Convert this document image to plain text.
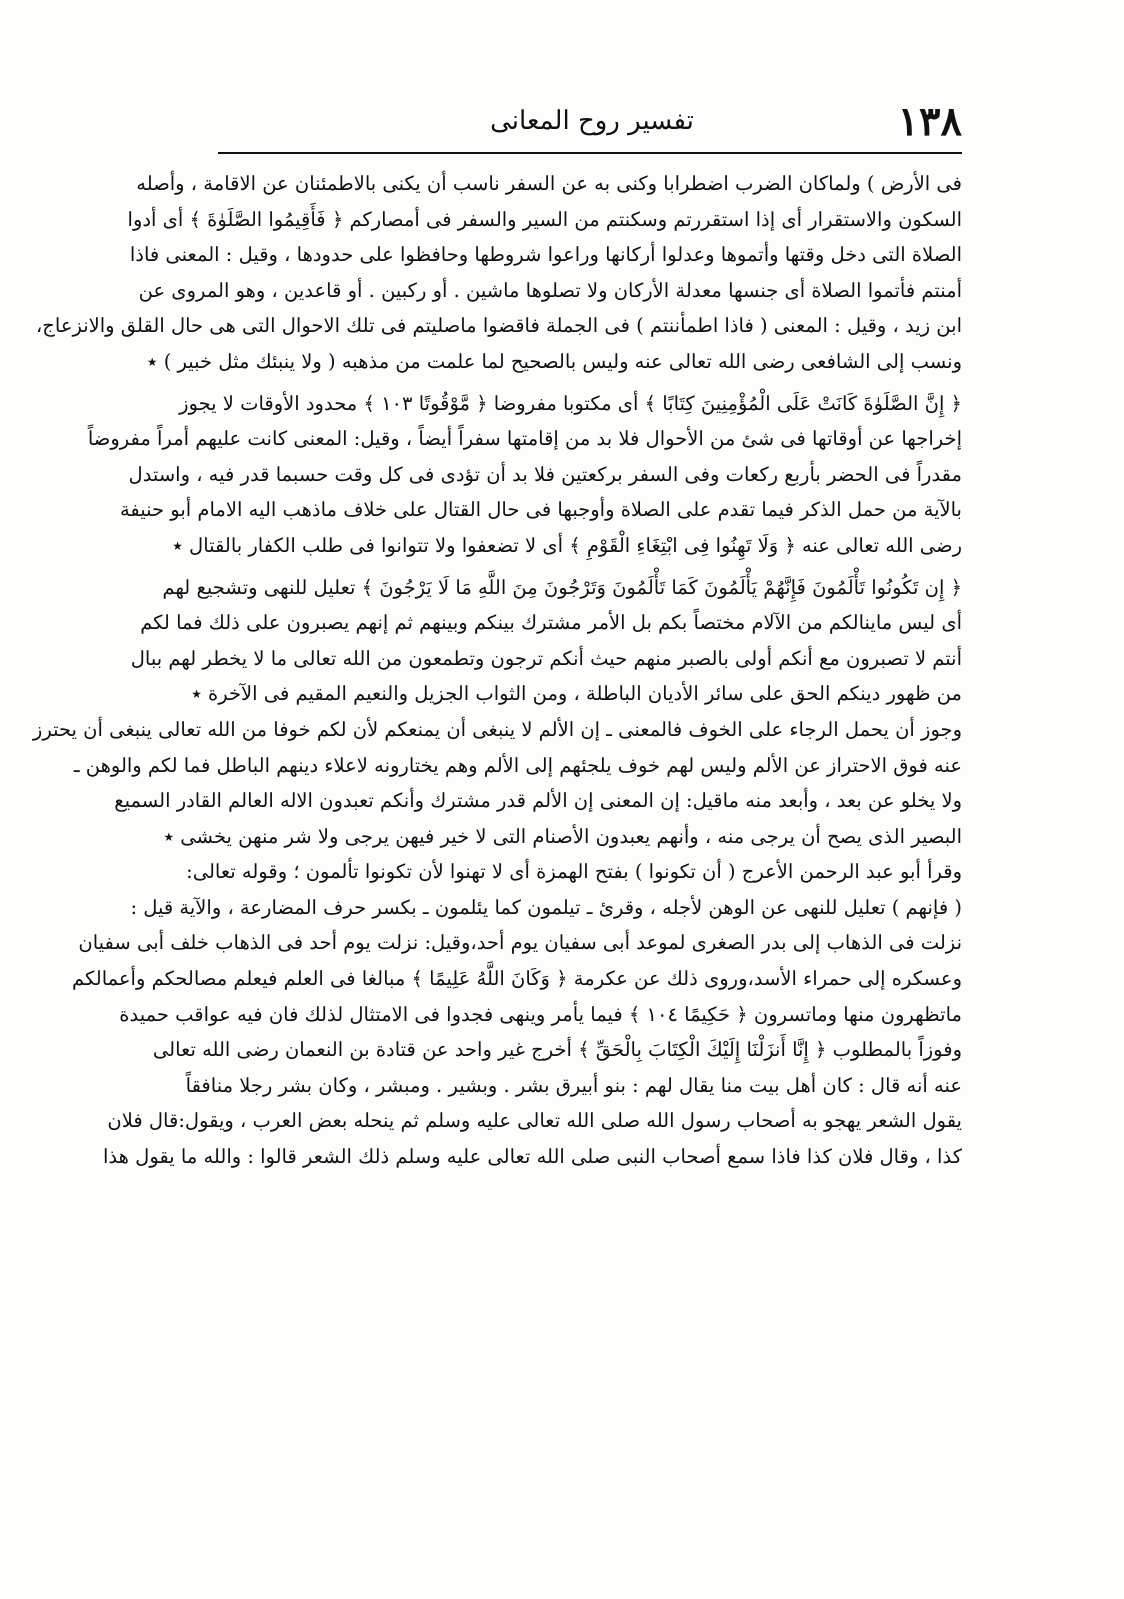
١٣٨
تفسير روح المعانى
فى الأرض ) ولماكان الضرب اضطرابا وكنى به عن السفر ناسب أن يكنى بالاطمئنان عن الاقامة ، وأصله
السكون والاستقرار أى إذا استقررتم وسكنتم من السير والسفر فى أمصاركم ﴿ فَأَقِيمُوا الصَّلَوٰةَ ﴾ أى أدوا
الصلاة التى دخل وقتها وأتموها وعدلوا أركانها وراعوا شروطها وحافظوا على حدودها ، وقيل : المعنى فاذا
أمنتم فأتموا الصلاة أى جنسها معدلة الأركان ولا تصلوها ماشين . أو ركبين . أو قاعدين ، وهو المروى عن
ابن زيد ، وقيل : المعنى ( فاذا اطمأننتم ) فى الجملة فاقضوا ماصليتم فى تلك الاحوال التى هى حال القلق والانزعاج،
ونسب إلى الشافعى رضى الله تعالى عنه وليس بالصحيح لما علمت من مذهبه ( ولا ينبئك مثل خبير ) ٭
﴿ إِنَّ الصَّلَوٰةَ كَانَتْ عَلَى الْمُؤْمِنِينَ كِتَابًا ﴾ أى مكتوبا مفروضا ﴿ مَّوْقُوتًا ١٠٣ ﴾ محدود الأوقات لا يجوز
إخراجها عن أوقاتها فى شئ من الأحوال فلا بد من إقامتها سفراً أيضاً ، وقيل: المعنى كانت عليهم أمراً مفروضاً
مقدراً فى الحضر بأربع ركعات وفى السفر بركعتين فلا بد أن تؤدى فى كل وقت حسبما قدر فيه ، واستدل
بالآية من حمل الذكر فيما تقدم على الصلاة وأوجبها فى حال القتال على خلاف ماذهب اليه الامام أبو حنيفة
رضى الله تعالى عنه ﴿ وَلَا تَهِنُوا فِى ابْتِغَاءِ الْقَوْمِ ﴾ أى لا تضعفوا ولا تتوانوا فى طلب الكفار بالقتال ٭
﴿ إِن تَكُونُوا تَأْلَمُونَ فَإِنَّهُمْ يَأْلَمُونَ كَمَا تَأْلَمُونَ وَتَرْجُونَ مِنَ اللَّهِ مَا لَا يَرْجُونَ ﴾ تعليل للنهى وتشجيع لهم
أى ليس ماينالكم من الآلام مختصاً بكم بل الأمر مشترك بينكم وبينهم ثم إنهم يصبرون على ذلك فما لكم
أنتم لا تصبرون مع أنكم أولى بالصبر منهم حيث أنكم ترجون وتطمعون من الله تعالى ما لا يخطر لهم ببال
من ظهور دينكم الحق على سائر الأديان الباطلة ، ومن الثواب الجزيل والنعيم المقيم فى الآخرة ٭
وجوز أن يحمل الرجاء على الخوف فالمعنى ـ إن الألم لا ينبغى أن يمنعكم لأن لكم خوفا من الله تعالى ينبغى أن يحترز
عنه فوق الاحتراز عن الألم وليس لهم خوف يلجئهم إلى الألم وهم يختارونه لاعلاء دينهم الباطل فما لكم والوهن ـ
ولا يخلو عن بعد ، وأبعد منه ماقيل: إن المعنى إن الألم قدر مشترك وأنكم تعبدون الاله العالم القادر السميع
البصير الذى يصح أن يرجى منه ، وأنهم يعبدون الأصنام التى لا خير فيهن يرجى ولا شر منهن يخشى ٭
وقرأ أبو عبد الرحمن الأعرج ( أن تكونوا ) بفتح الهمزة أى لا تهنوا لأن تكونوا تألمون ؛ وقوله تعالى:
( فإنهم ) تعليل للنهى عن الوهن لأجله ، وقرئ ـ تيلمون كما يئلمون ـ بكسر حرف المضارعة ، والآية قيل :
نزلت فى الذهاب إلى بدر الصغرى لموعد أبى سفيان يوم أحد،وقيل: نزلت يوم أحد فى الذهاب خلف أبى سفيان
وعسكره إلى حمراء الأسد،وروى ذلك عن عكرمة ﴿ وَكَانَ اللَّهُ عَلِيمًا ﴾ مبالغا فى العلم فيعلم مصالحكم وأعمالكم
ماتظهرون منها وماتسرون ﴿ حَكِيمًا ١٠٤ ﴾ فيما يأمر وينهى فجدوا فى الامتثال لذلك فان فيه عواقب حميدة
وفوزاً بالمطلوب ﴿ إِنَّا أَنزَلْنَا إِلَيْكَ الْكِتَابَ بِالْحَقِّ ﴾ أخرج غير واحد عن قتادة بن النعمان رضى الله تعالى
عنه أنه قال : كان أهل بيت منا يقال لهم : بنو أبيرق بشر . وبشير . ومبشر ، وكان بشر رجلا منافقاً
يقول الشعر يهجو به أصحاب رسول الله صلى الله تعالى عليه وسلم ثم ينحله بعض العرب ، ويقول:قال فلان
كذا ، وقال فلان كذا فاذا سمع أصحاب النبى صلى الله تعالى عليه وسلم ذلك الشعر قالوا : والله ما يقول هذا
